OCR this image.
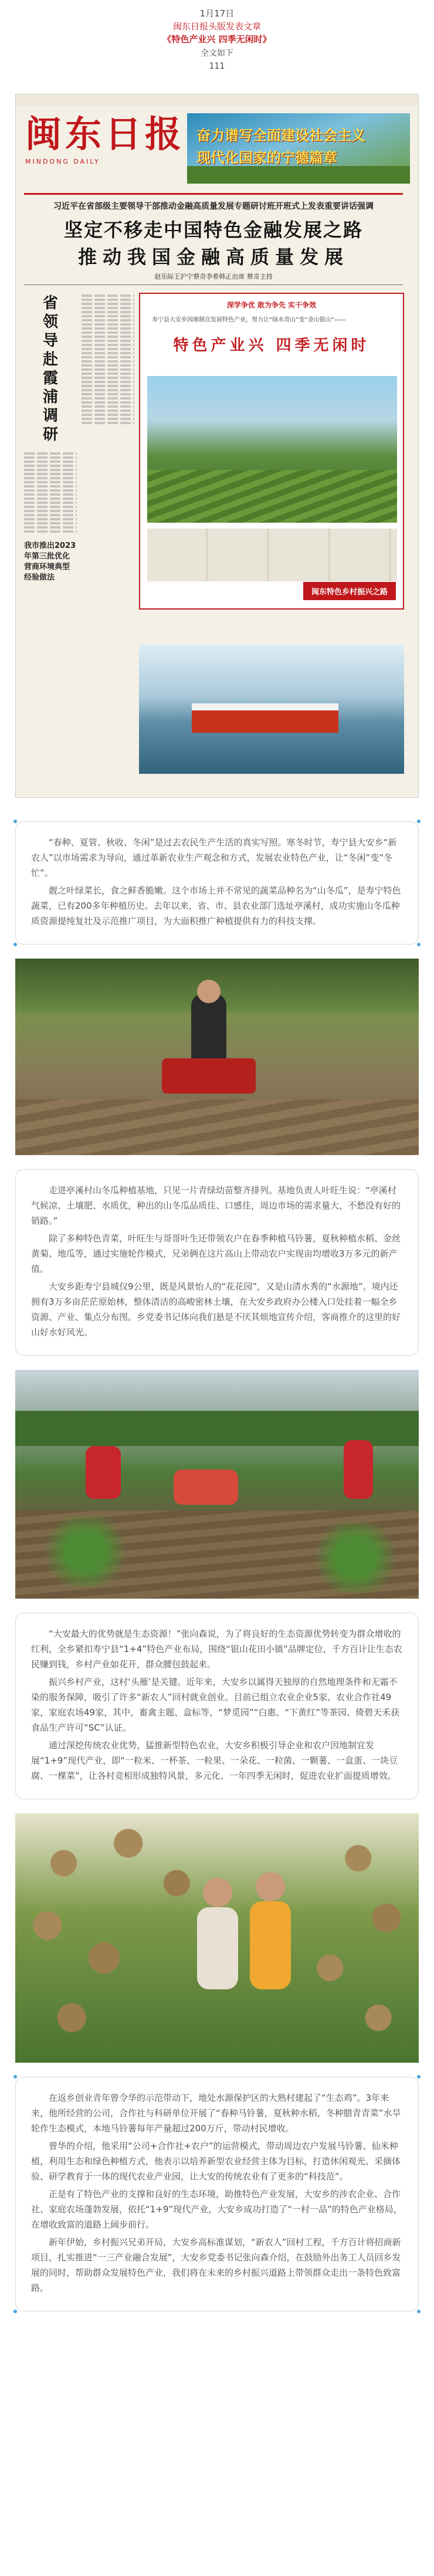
1月17日
闽东日报头版发表文章
《特色产业兴 四季无闲时》
全文如下
111
闽东日报
MINDONG DAILY
奋力谱写全面建设社会主义
现代化国家的宁德篇章
习近平在省部级主要领导干部推动金融高质量发展专题研讨班开班式上发表重要讲话强调
坚定不移走中国特色金融发展之路
推动我国金融高质量发展
赵乐际王沪宁蔡奇李希韩正出席 蔡奇主持
省领导赴霞浦调研
我市推出2023年第三批优化营商环境典型经验做法
深学争优 敢为争先 实干争效
寿宁县大安乡因地制宜发展特色产业，努力让“绿水青山”变“金山银山”——
特色产业兴 四季无闲时
闽东特色乡村振兴之路

“春种、夏管、秋收、冬闲”是过去农民生产生活的真实写照。寒冬时节，寿宁县大安乡“新农人”以市场需求为导向，通过革新农业生产观念和方式，发展农业特色产业，让“冬闲”变“冬忙”。

靓之叶绿菜长，食之鲜香脆嫩。这个市场上并不常见的蔬菜品种名为“山冬瓜”，是寿宁特色蔬菜，已有200多年种植历史。去年以来，省、市、县农业部门选址亭溪村，成功实施山冬瓜种质资源提纯复壮及示范推广项目，为大面积推广种植提供有力的科技支撑。

走进亭溪村山冬瓜种植基地，只见一片青绿幼苗整齐排列。基地负责人叶旺生说：“亭溪村气候凉、土壤肥、水质优，种出的山冬瓜品质佳、口感佳，周边市场的需求量大，不愁没有好的销路。”

除了多种特色青菜，叶旺生与哥哥叶生还带领农户在春季种植马铃薯，夏秋种植水稻、金丝黄菊、地瓜等，通过实施轮作模式，兄弟俩在这片高山上带动农户实现亩均增收3万多元的新产值。

大安乡距寿宁县城仅9公里，既是风景怡人的“花花园”，又是山清水秀的“水源地”。境内还拥有3万多亩茫茫原始林，整体清洁的高峻密林土壤，在大安乡政府办公楼入口处挂着一幅全乡资源、产业、集点分布图。乡党委书记体向我们悬是不厌其烦地宣传介绍，客商推介的这里的好山好水好风光。

“大安最大的优势就是生态资源！”张向森说，为了将良好的生态资源优势转变为群众增收的红利，全乡紧扣寿宁县“1+4”特色产业布局，围绕“银山花田小镇”品牌定位，千方百计让生态农民赚到钱，乡村产业如花开，群众腰包鼓起来。

振兴乡村产业，这村‘头雁’是关键。近年来，大安乡以属得天独厚的自然地理条件和无霜不染的服务保障，吸引了许多“新农人”回村就业创业。目前已组立农业企业5家、农业合作社49家，家庭农场49家，其中，畜禽主题、盒标等，“梦觅园”“白惠、“下黄红”等茶园、倚碧天禾获食品生产许可“SC”认证。

通过深挖传统农业优势，猛推新型特色农业，大安乡积极引导企业和农户因地制宜发展“1+9”现代产业，即“一粒米、一杯茶、一粒果、一朵花、一粒菌、一颗薯、一盒蛋、一块豆腐、一棵菜”，让各村竞相形成独特风景，多元化、一年四季无闲时，促进农业扩面提质增效。

在返乡创业青年曾令华的示范带动下，地处水源保护区的大熟村建起了“生态鸡”。3年来来，他所经营的公司，合作社与科研单位开展了“春种马铃薯，夏秋种水稻，冬种腊青青菜”水旱轮作生态模式，本地马铃薯每年产量超过200万斤，带动村民增收。

曾华的介绍，他采用“公司+合作社+农户”的运营模式，带动周边农户发展马铃薯、仙米种植，利用生态和绿色种植方式，他表示以培养新型农业经营主体为目标，打造休闲观光、采摘体验、研学教育于一体的现代农业产业园，让大安的传统农业有了更多的“科技范”。

正是有了特色产业的支撑和良好的生态环境，助推特色产业发展，大安乡的涉农企业、合作社、家庭农场蓬勃发展，依托“1+9”现代产业，大安乡成功打造了“一村一品”的特色产业格局，在增收致富的道路上阔步前行。

新年伊始，乡村振兴兄弟开局，大安乡高标准谋划，“新农人”回村工程，千方百计将招商新项目，扎实推进“一三产业融合发展”，大安乡党委书记张向森介绍，在鼓励外出务工人员回乡发展的同时，帮助群众发展特色产业，我们将在未来的乡村振兴道路上带领群众走出一条特色致富路。
